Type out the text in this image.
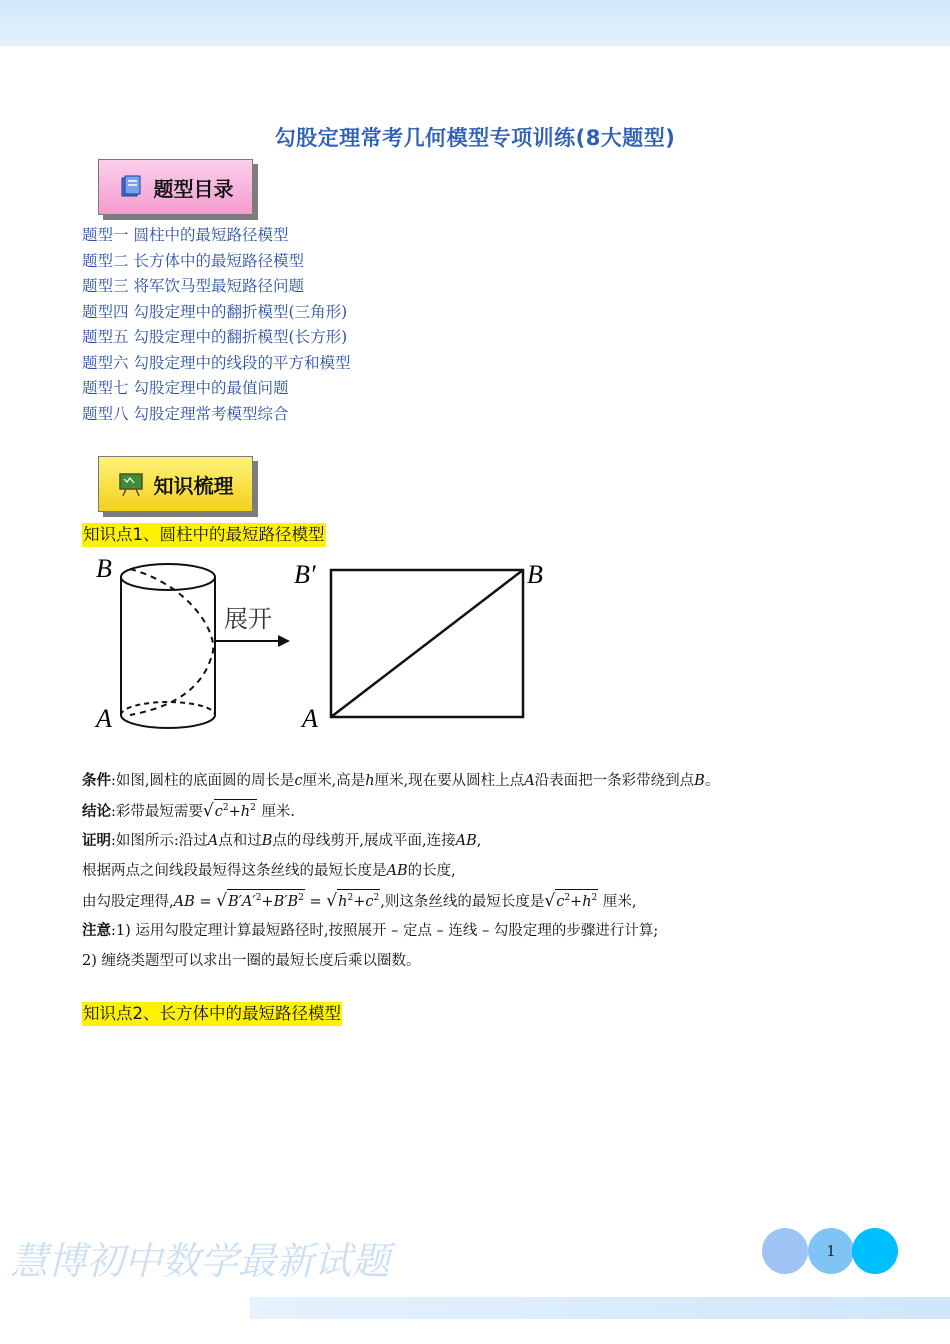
勾股定理常考几何模型专项训练(8大题型)
题型目录
题型一 圆柱中的最短路径模型
题型二 长方体中的最短路径模型
题型三 将军饮马型最短路径问题
题型四 勾股定理中的翻折模型(三角形)
题型五 勾股定理中的翻折模型(长方形)
题型六 勾股定理中的线段的平方和模型
题型七 勾股定理中的最值问题
题型八 勾股定理常考模型综合
知识梳理
知识点1、圆柱中的最短路径模型
B
A
展开
B′	B
A
条件:如图,圆柱的底面圆的周长是c厘米,高是h厘米,现在要从圆柱上点A沿表面把一条彩带绕到点B。
结论:彩带最短需要$√c^2+h^2$ 厘米.
证明:如图所示:沿过A点和过B点的母线剪开,展成平面,连接AB,
根据两点之间线段最短得这条丝线的最短长度是AB的长度,
由勾股定理得$,AB = √B'A'^2+B'B^2 = √h^2+c^2$,则这条丝线的最短长度是$√c^2+h^2$ 厘米,
注意:1) 运用勾股定理计算最短路径时,按照展开 – 定点 – 连线 – 勾股定理的步骤进行计算;
2) 缠绕类题型可以求出一圈的最短长度后乘以圈数。
知识点2、长方体中的最短路径模型
慧博初中数学最新试题	1
